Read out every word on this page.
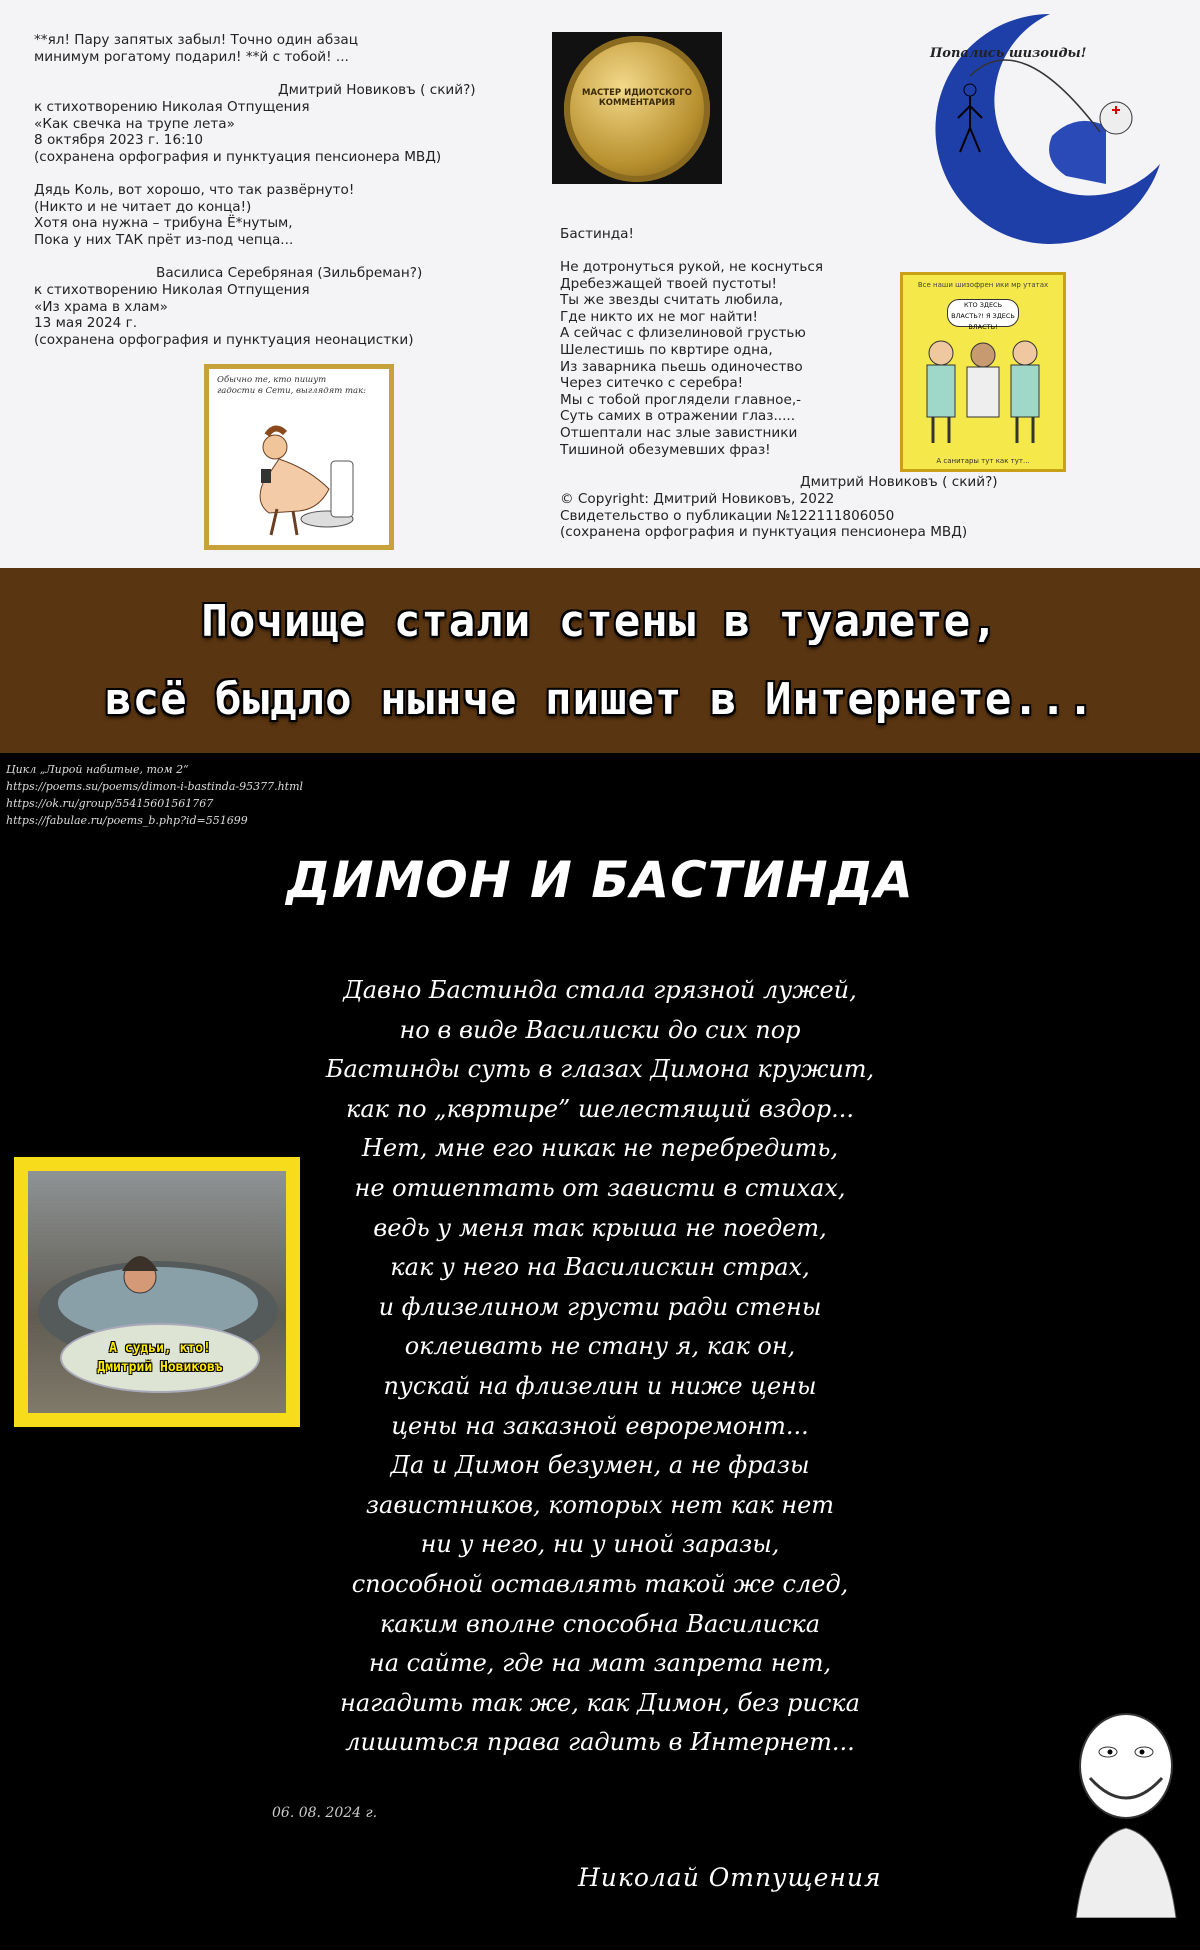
**ял! Пару запятых забыл! Точно один абзац
минимум рогатому подарил! **й с тобой! ...
Дмитрий Новиковъ ( ский?)
к стихотворению Николая Отпущения
«Как свечка на трупе лета»
8 октября 2023 г. 16:10
(сохранена орфография и пунктуация пенсионера МВД)
Дядь Коль, вот хорошо, что так развёрнуто!
(Никто и не читает до конца!)
Хотя она нужна – трибуна Ё*нутым,
Пока у них ТАК прёт из-под чепца...
Василиса Серебряная (Зильбреман?)
к стихотворению Николая Отпущения
«Из храма в хлам»
13 мая 2024 г.
(сохранена орфография и пунктуация неонацистки)
Обычно те, кто пишут гадости в Сети, выглядят так:
МАСТЕР ИДИОТСКОГО КОММЕНТАРИЯ
Бастинда!
Не дотронуться рукой, не коснуться
Дребезжащей твоей пустоты!
Ты же звезды считать любила,
Где никто их не мог найти!
А сейчас с флизелиновой грустью
Шелестишь по квртире одна,
Из заварника пьешь одиночество
Через ситечко с серебра!
Мы с тобой проглядели главное,-
Суть самих в отражении глаз.....
Отшептали нас злые завистники
Тишиной обезумевших фраз!
Дмитрий Новиковъ ( ский?)
© Copyright: Дмитрий Новиковъ, 2022
Свидетельство о публикации №122111806050
(сохранена орфография и пунктуация пенсионера МВД)
Попались шизоиды!
Все наши шизофрен ики мр утатах
КТО ЗДЕСЬ ВЛАСТЬ?! Я ЗДЕСЬ ВЛАСТЬ!
А санитары тут как тут...
Почище стали стены в туалете,
всё быдло нынче пишет в Интернете...
Цикл „Лирой набитые, том 2“
https://poems.su/poems/dimon-i-bastinda-95377.html
https://ok.ru/group/55415601561767
https://fabulae.ru/poems_b.php?id=551699
ДИМОН И БАСТИНДА
Давно Бастинда стала грязной лужей,
но в виде Василиски до сих пор
Бастинды суть в глазах Димона кружит,
как по „квртире” шелестящий вздор...
Нет, мне его никак не перебредить,
не отшептать от зависти в стихах,
ведь у меня так крыша не поедет,
как у него на Василискин страх,
и флизелином грусти ради стены
оклеивать не стану я, как он,
пускай на флизелин и ниже цены
цены на заказной евроремонт...
Да и Димон безумен, а не фразы
завистников, которых нет как нет
ни у него, ни у иной заразы,
способной оставлять такой же след,
каким вполне способна Василиска
на сайте, где на мат запрета нет,
нагадить так же, как Димон, без риска
лишиться права гадить в Интернет...
06. 08. 2024 г.
Николай Отпущения
А судьи, кто!
Дмитрий Новиковъ
